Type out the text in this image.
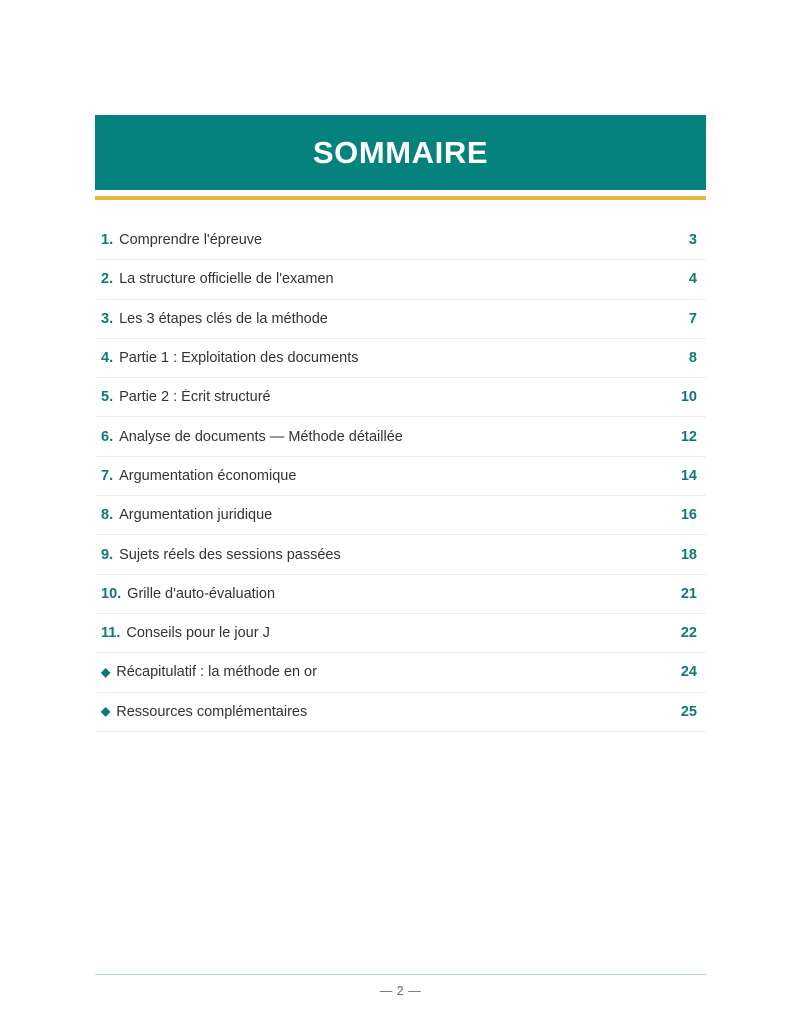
SOMMAIRE
1. Comprendre l'épreuve	3
2. La structure officielle de l'examen	4
3. Les 3 étapes clés de la méthode	7
4. Partie 1 : Exploitation des documents	8
5. Partie 2 : Écrit structuré	10
6. Analyse de documents — Méthode détaillée	12
7. Argumentation économique	14
8. Argumentation juridique	16
9. Sujets réels des sessions passées	18
10. Grille d'auto-évaluation	21
11. Conseils pour le jour J	22
◆ Récapitulatif : la méthode en or	24
◆ Ressources complémentaires	25
— 2 —
